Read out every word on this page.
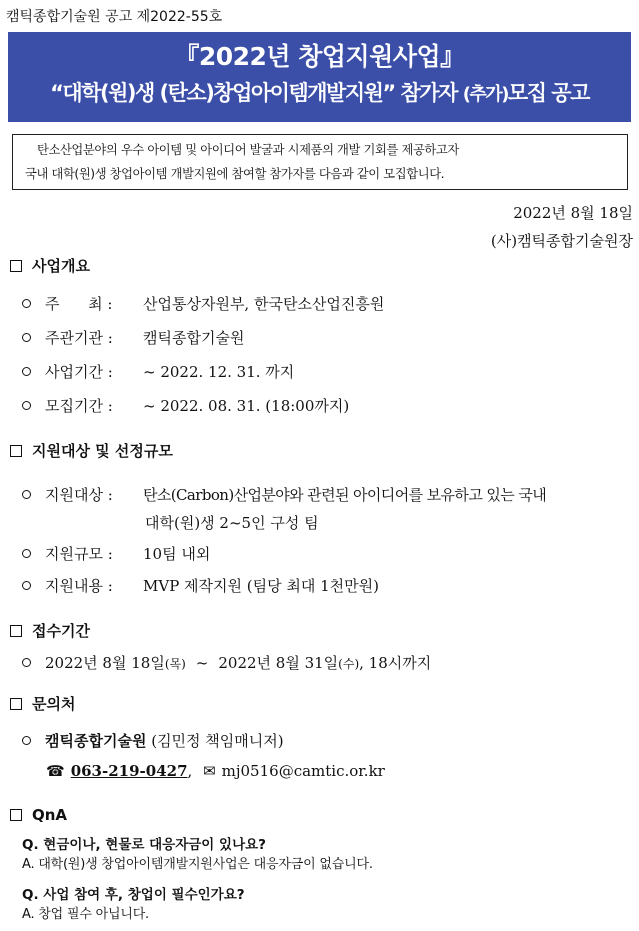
캠틱종합기술원 공고 제2022-55호
『2022년 창업지원사업』
“대학(원)생 (탄소)창업아이템개발지원” 참가자 (추가)모집 공고
탄소산업분야의 우수 아이템 및 아이디어 발굴과 시제품의 개발 기회를 제공하고자
국내 대학(원)생 창업아이템 개발지원에 참여할 참가자를 다음과 같이 모집합니다.
2022년 8월 18일
(사)캠틱종합기술원장
사업개요
주      최 : 산업통상자원부, 한국탄소산업진흥원
주관기관 : 캠틱종합기술원
사업기간 : ~ 2022. 12. 31. 까지
모집기간 : ~ 2022. 08. 31. (18:00까지)
지원대상 및 선정규모
지원대상 : 탄소(Carbon)산업분야와 관련된 아이디어를 보유하고 있는 국내
대학(원)생 2~5인 구성 팀
지원규모 : 10팀 내외
지원내용 : MVP 제작지원 (팀당 최대 1천만원)
접수기간
2022년 8월 18일(목) ~ 2022년 8월 31일(수), 18시까지
문의처
캠틱종합기술원 (김민정 책임매니저)
☎ 063-219-0427, ✉ mj0516@camtic.or.kr
QnA
Q. 현금이나, 현물로 대응자금이 있나요?
A. 대학(원)생 창업아이템개발지원사업은 대응자금이 없습니다.
Q. 사업 참여 후, 창업이 필수인가요?
A. 창업 필수 아닙니다.
